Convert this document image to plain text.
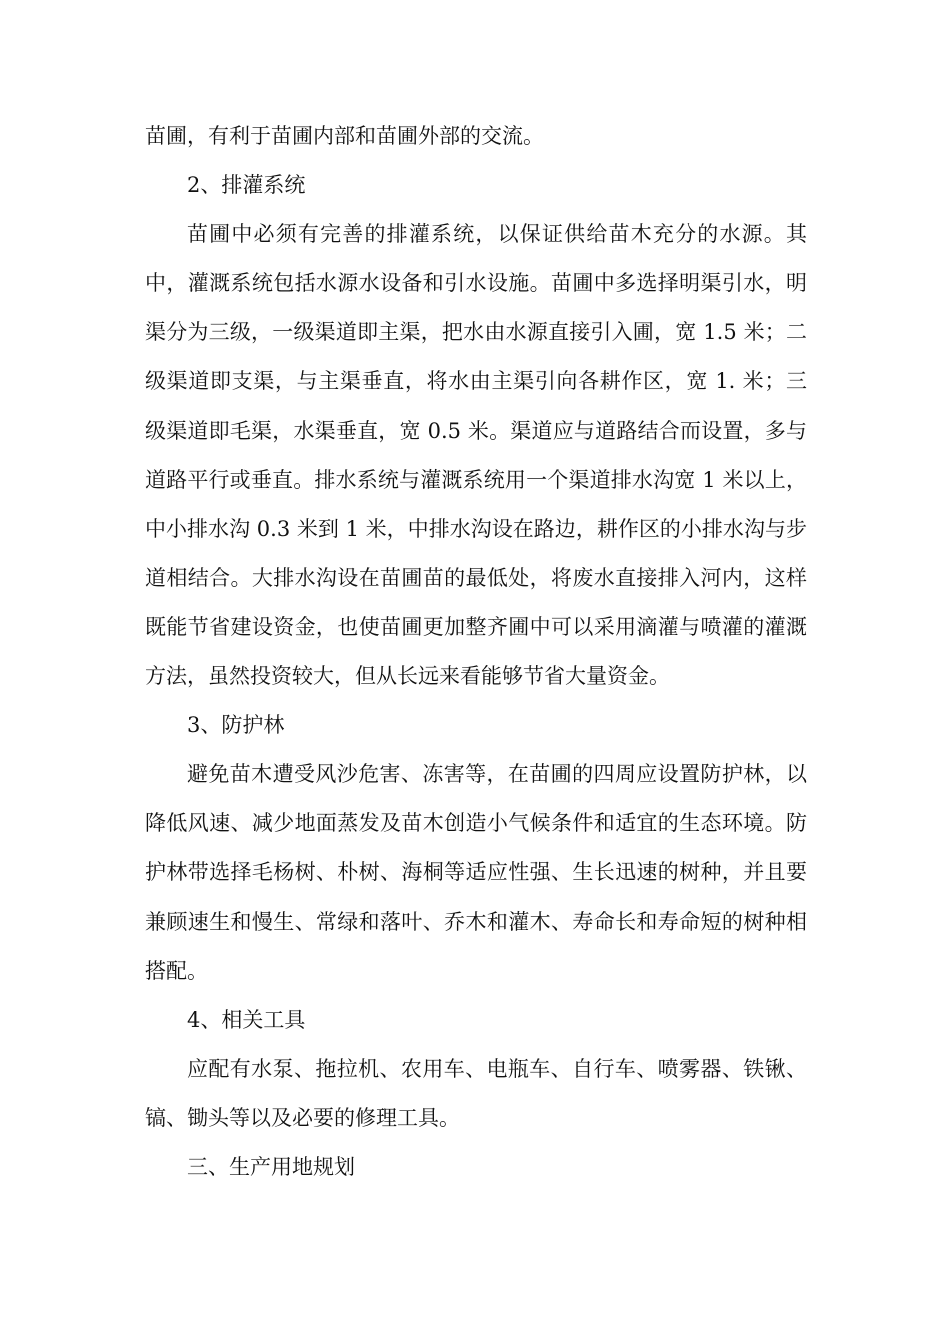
苗圃，有利于苗圃内部和苗圃外部的交流。

2、排灌系统

苗圃中必须有完善的排灌系统，以保证供给苗木充分的水源。其中，灌溉系统包括水源水设备和引水设施。苗圃中多选择明渠引水，明渠分为三级，一级渠道即主渠，把水由水源直接引入圃，宽 1.5 米；二级渠道即支渠，与主渠垂直，将水由主渠引向各耕作区，宽 1. 米；三级渠道即毛渠，水渠垂直，宽 0.5 米。渠道应与道路结合而设置，多与道路平行或垂直。排水系统与灌溉系统用一个渠道排水沟宽 1 米以上，中小排水沟 0.3 米到 1 米，中排水沟设在路边，耕作区的小排水沟与步道相结合。大排水沟设在苗圃苗的最低处，将废水直接排入河内，这样既能节省建设资金，也使苗圃更加整齐圃中可以采用滴灌与喷灌的灌溉方法，虽然投资较大，但从长远来看能够节省大量资金。

3、防护林

避免苗木遭受风沙危害、冻害等，在苗圃的四周应设置防护林，以降低风速、减少地面蒸发及苗木创造小气候条件和适宜的生态环境。防护林带选择毛杨树、朴树、海桐等适应性强、生长迅速的树种，并且要兼顾速生和慢生、常绿和落叶、乔木和灌木、寿命长和寿命短的树种相搭配。

4、相关工具

应配有水泵、拖拉机、农用车、电瓶车、自行车、喷雾器、铁锹、镐、锄头等以及必要的修理工具。

三、生产用地规划
